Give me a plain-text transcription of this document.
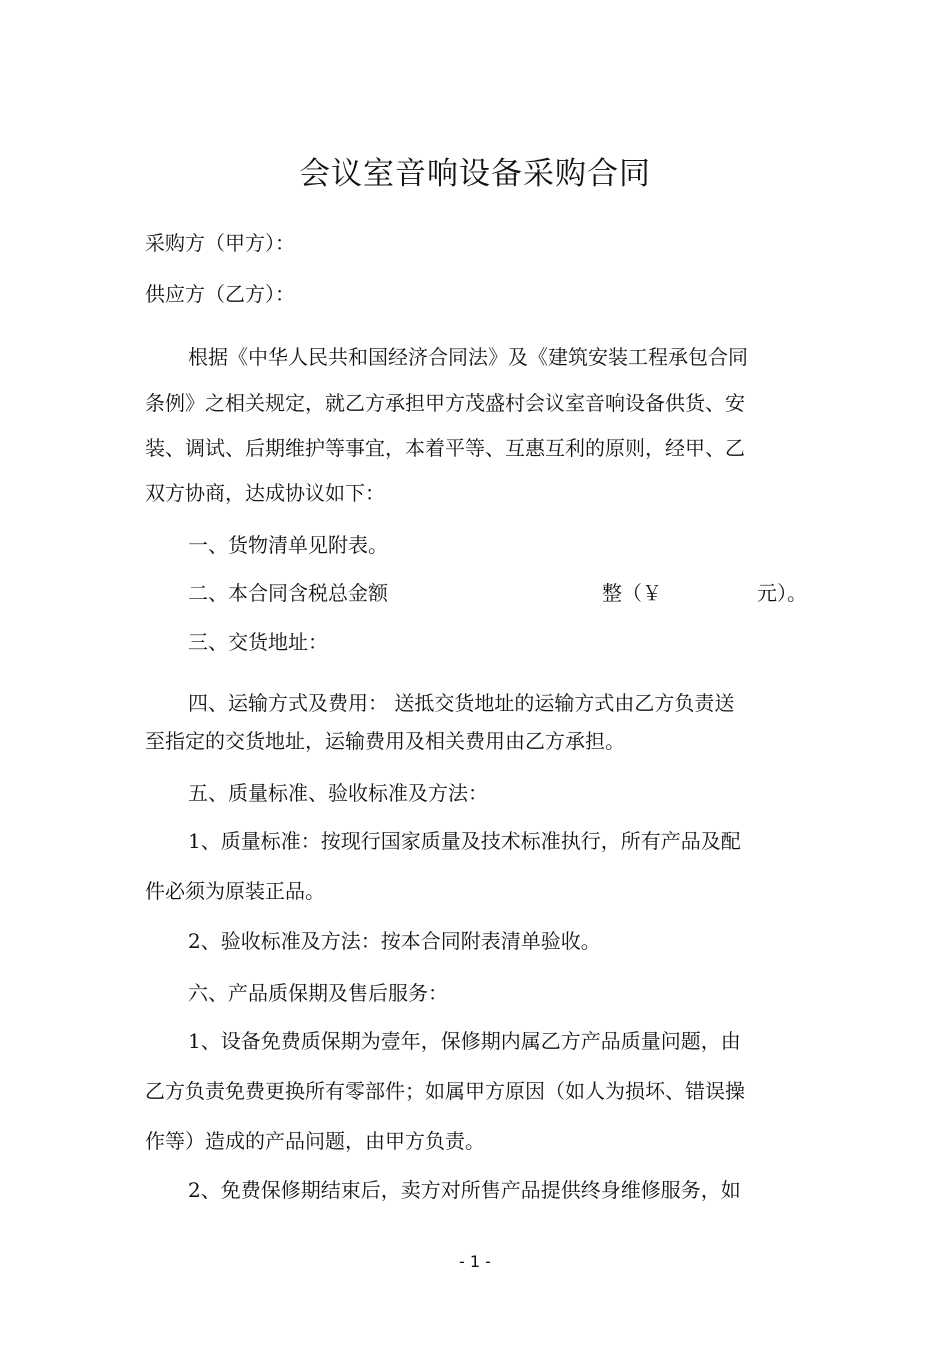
会议室音响设备采购合同
采购方（甲方）：
供应方（乙方）：
根据《中华人民共和国经济合同法》及《建筑安装工程承包合同
条例》之相关规定，就乙方承担甲方茂盛村会议室音响设备供货、安
装、调试、后期维护等事宜，本着平等、互惠互利的原则，经甲、乙
双方协商，达成协议如下：
一、货物清单见附表。
二、本合同含税总金额	整（￥	元）。
三、交货地址：
四、运输方式及费用： 送抵交货地址的运输方式由乙方负责送
至指定的交货地址，运输费用及相关费用由乙方承担。
五、质量标准、验收标准及方法：
1、质量标准：按现行国家质量及技术标准执行，所有产品及配
件必须为原装正品。
2、验收标准及方法：按本合同附表清单验收。
六、产品质保期及售后服务：
1、设备免费质保期为壹年，保修期内属乙方产品质量问题，由
乙方负责免费更换所有零部件；如属甲方原因（如人为损坏、错误操
作等）造成的产品问题，由甲方负责。
2、免费保修期结束后，卖方对所售产品提供终身维修服务，如
- 1 -
